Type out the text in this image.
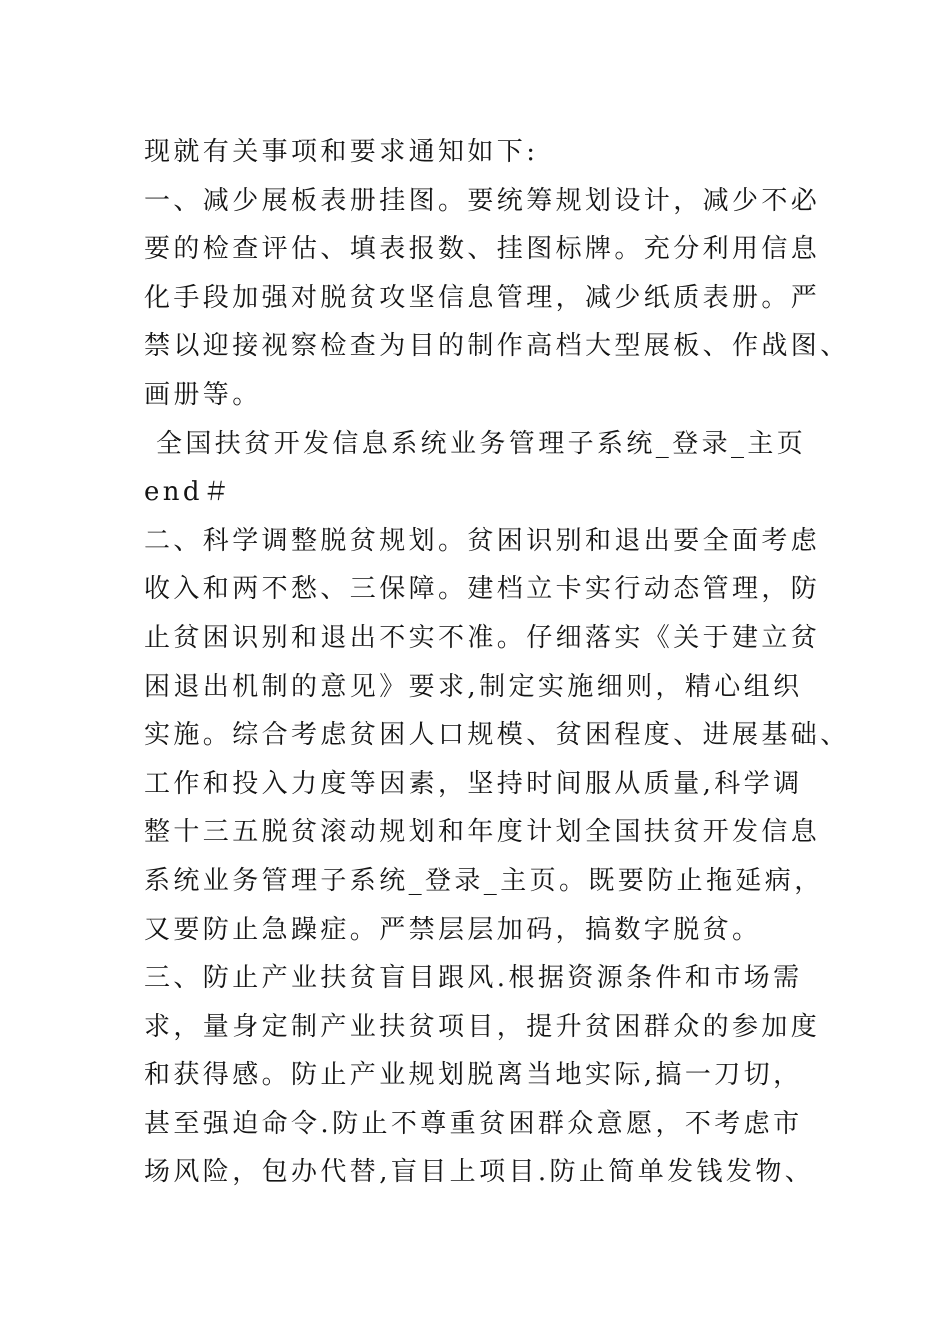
现就有关事项和要求通知如下:
一、减少展板表册挂图。要统筹规划设计，减少不必
要的检查评估、填表报数、挂图标牌。充分利用信息
化手段加强对脱贫攻坚信息管理，减少纸质表册。严
禁以迎接视察检查为目的制作高档大型展板、作战图、
画册等。
全国扶贫开发信息系统业务管理子系统_登录_主页
end＃
二、科学调整脱贫规划。贫困识别和退出要全面考虑
收入和两不愁、三保障。建档立卡实行动态管理，防
止贫困识别和退出不实不准。仔细落实《关于建立贫
困退出机制的意见》要求,制定实施细则，精心组织
实施。综合考虑贫困人口规模、贫困程度、进展基础、
工作和投入力度等因素，坚持时间服从质量,科学调
整十三五脱贫滚动规划和年度计划全国扶贫开发信息
系统业务管理子系统_登录_主页。既要防止拖延病，
又要防止急躁症。严禁层层加码，搞数字脱贫。
三、防止产业扶贫盲目跟风.根据资源条件和市场需
求，量身定制产业扶贫项目，提升贫困群众的参加度
和获得感。防止产业规划脱离当地实际,搞一刀切，
甚至强迫命令.防止不尊重贫困群众意愿，不考虑市
场风险，包办代替,盲目上项目.防止简单发钱发物、
